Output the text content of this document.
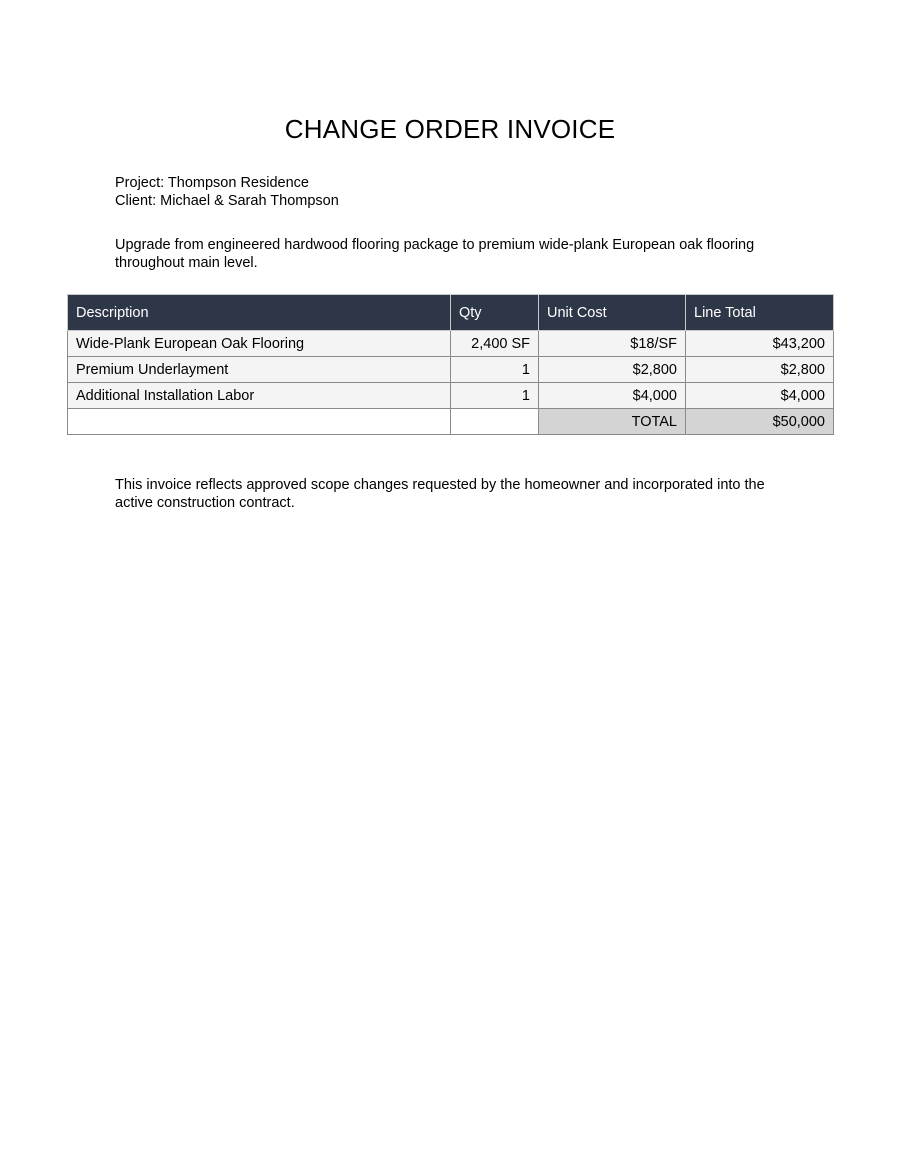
CHANGE ORDER INVOICE
Project: Thompson Residence
Client: Michael & Sarah Thompson
Upgrade from engineered hardwood flooring package to premium wide-plank European oak flooring throughout main level.
Description	Qty	Unit Cost	Line Total
Wide-Plank European Oak Flooring	2,400 SF	$18/SF	$43,200
Premium Underlayment	1	$2,800	$2,800
Additional Installation Labor	1	$4,000	$4,000
		TOTAL	$50,000
This invoice reflects approved scope changes requested by the homeowner and incorporated into the active construction contract.
